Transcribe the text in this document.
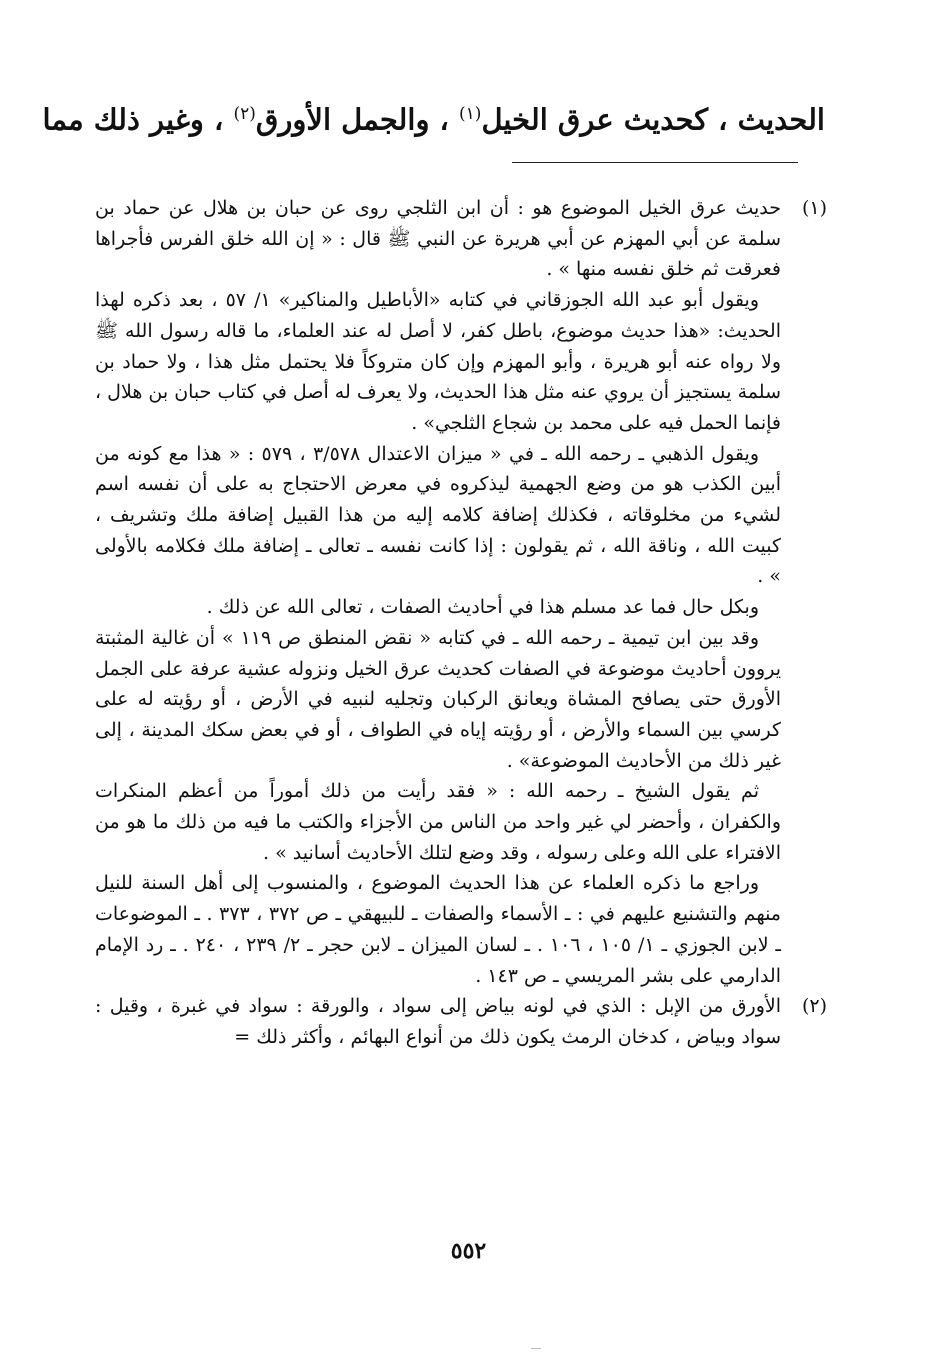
الحديث ، كحديث عرق الخيل$^{(١)}$ ، والجمل الأورق$^{(٢)}$ ، وغير ذلك مما
(١)

حديث عرق الخيل الموضوع هو : أن ابن الثلجي روى عن حبان بن هلال عن حماد بن سلمة عن أبي المهزم عن أبي هريرة عن النبي ﷺ قال : « إن الله خلق الفرس فأجراها فعرقت ثم خلق نفسه منها » .

ويقول أبو عبد الله الجوزقاني في كتابه «الأباطيل والمناكير» ١/ ٥٧ ، بعد ذكره لهذا الحديث: «هذا حديث موضوع، باطل كفر، لا أصل له عند العلماء، ما قاله رسول الله ﷺ ولا رواه عنه أبو هريرة ، وأبو المهزم وإن كان متروكاً فلا يحتمل مثل هذا ، ولا حماد بن سلمة يستجيز أن يروي عنه مثل هذا الحديث، ولا يعرف له أصل في كتاب حبان بن هلال ، فإنما الحمل فيه على محمد بن شجاع الثلجي» .

ويقول الذهبي ـ رحمه الله ـ في « ميزان الاعتدال ٣/٥٧٨ ، ٥٧٩ : « هذا مع كونه من أبين الكذب هو من وضع الجهمية ليذكروه في معرض الاحتجاج به على أن نفسه اسم لشيء من مخلوقاته ، فكذلك إضافة كلامه إليه من هذا القبيل إضافة ملك وتشريف ، كبيت الله ، وناقة الله ، ثم يقولون : إذا كانت نفسه ـ تعالى ـ إضافة ملك فكلامه بالأولى » .

وبكل حال فما عد مسلم هذا في أحاديث الصفات ، تعالى الله عن ذلك .

وقد بين ابن تيمية ـ رحمه الله ـ في كتابه « نقض المنطق ص ١١٩ » أن غالية المثبتة يروون أحاديث موضوعة في الصفات كحديث عرق الخيل ونزوله عشية عرفة على الجمل الأورق حتى يصافح المشاة ويعانق الركبان وتجليه لنبيه في الأرض ، أو رؤيته له على كرسي بين السماء والأرض ، أو رؤيته إياه في الطواف ، أو في بعض سكك المدينة ، إلى غير ذلك من الأحاديث الموضوعة» .

ثم يقول الشيخ ـ رحمه الله : « فقد رأيت من ذلك أموراً من أعظم المنكرات والكفران ، وأحضر لي غير واحد من الناس من الأجزاء والكتب ما فيه من ذلك ما هو من الافتراء على الله وعلى رسوله ، وقد وضع لتلك الأحاديث أسانيد » .

وراجع ما ذكره العلماء عن هذا الحديث الموضوع ، والمنسوب إلى أهل السنة للنيل منهم والتشنيع عليهم في : ـ الأسماء والصفات ـ للبيهقي ـ ص ٣٧٢ ، ٣٧٣ . ـ الموضوعات ـ لابن الجوزي ـ ١/ ١٠٥ ، ١٠٦ . ـ لسان الميزان ـ لابن حجر ـ ٢/ ٢٣٩ ، ٢٤٠ . ـ رد الإمام الدارمي على بشر المريسي ـ ص ١٤٣ .

(٢)

الأورق من الإبل : الذي في لونه بياض إلى سواد ، والورقة : سواد في غبرة ، وقيل : سواد وبياض ، كدخان الرمث يكون ذلك من أنواع البهائم ، وأكثر ذلك =

٥٥٢
